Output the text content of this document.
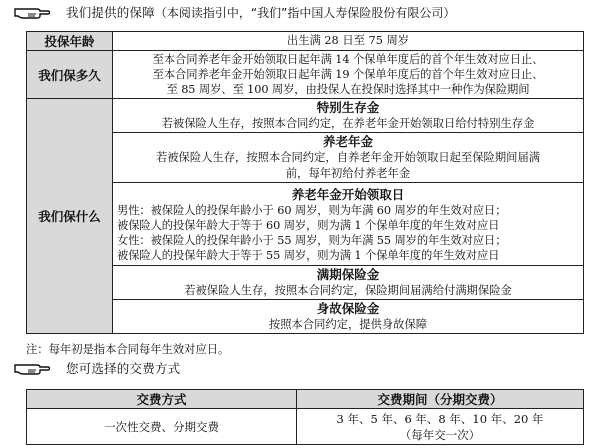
我们提供的保障 （本阅读指引中，“我们”指中国人寿保险股份有限公司）
投保年龄	出生满 28 日至 75 周岁
我们保多久	至本合同养老年金开始领取日起年满 14 个保单年度后的首个年生效对应日止、
至本合同养老年金开始领取日起年满 19 个保单年度后的首个年生效对应日止、
至 85 周岁、至 100 周岁，由投保人在投保时选择其中一种作为保险期间

我们保什么	特别生存金
若被保险人生存，按照本合同约定，在养老年金开始领取日给付特别生存金

	养老年金
若被保险人生存，按照本合同约定，自养老年金开始领取日起至保险期间届满
前，每年初给付养老年金

	养老年金开始领取日
男性：被保险人的投保年龄小于 60 周岁，则为年满 60 周岁的年生效对应日；
被保险人的投保年龄大于等于 60 周岁，则为满 1 个保单年度的年生效对应日
女性：被保险人的投保年龄小于 55 周岁，则为年满 55 周岁的年生效对应日；
被保险人的投保年龄大于等于 55 周岁，则为满 1 个保单年度的年生效对应日

	满期保险金
若被保险人生存，按照本合同约定，保险期间届满给付满期保险金

	身故保险金
按照本合同约定，提供身故保障
注：每年初是指本合同每年生效对应日。
您可选择的交费方式
交费方式	交费期间（分期交费）
一次性交费、分期交费	3 年、5 年、6 年、8 年、10 年、20 年
（每年交一次）
